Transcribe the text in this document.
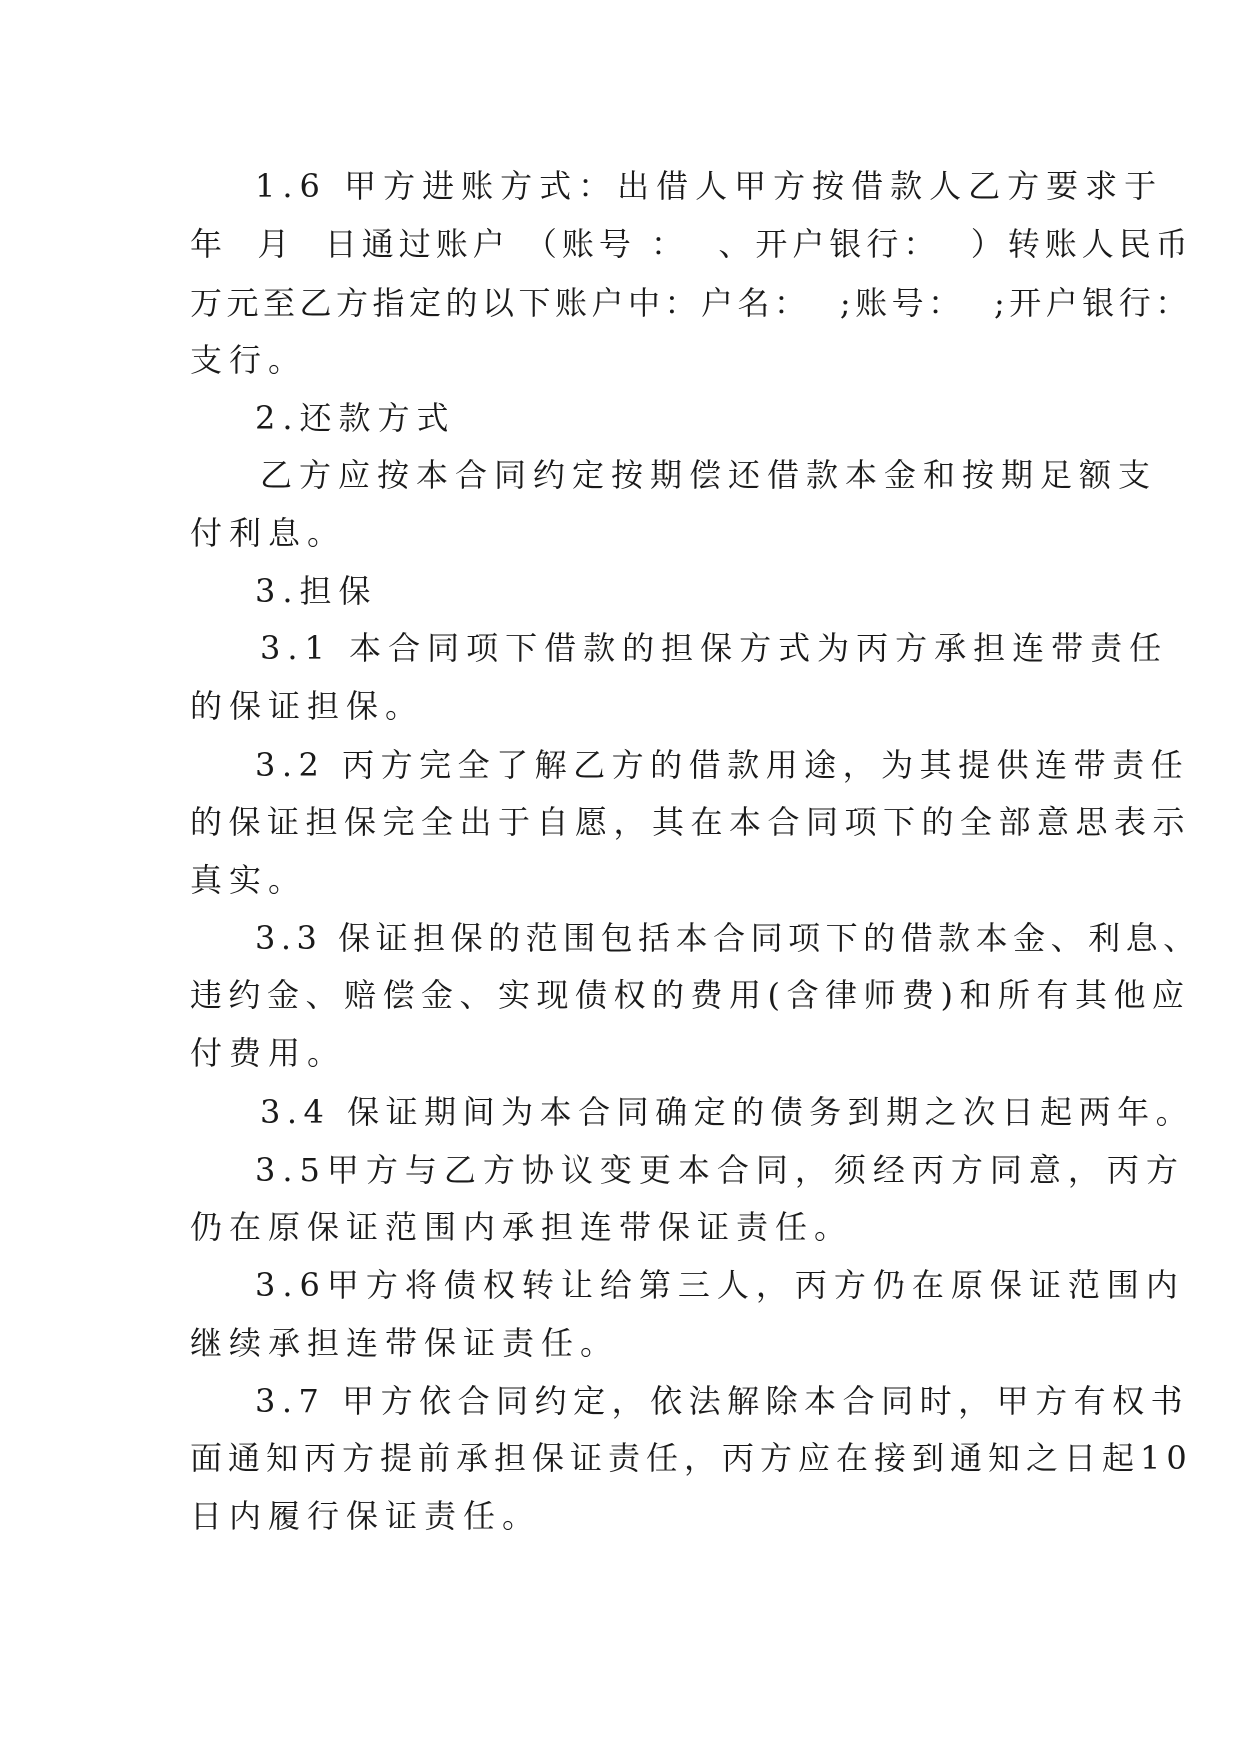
1.6 甲方进账方式：出借人甲方按借款人乙方要求于
年  月  日通过账户 （账号 ：  、开户银行：  ）转账人民币
万元至乙方指定的以下账户中：户名：  ;账号：  ;开户银行：
支行。
2.还款方式
乙方应按本合同约定按期偿还借款本金和按期足额支
付利息。
3.担保
3.1 本合同项下借款的担保方式为丙方承担连带责任
的保证担保。
3.2 丙方完全了解乙方的借款用途，为其提供连带责任
的保证担保完全出于自愿，其在本合同项下的全部意思表示
真实。
3.3 保证担保的范围包括本合同项下的借款本金、利息、
违约金、赔偿金、实现债权的费用(含律师费)和所有其他应
付费用。
3.4 保证期间为本合同确定的债务到期之次日起两年。
3.5甲方与乙方协议变更本合同，须经丙方同意，丙方
仍在原保证范围内承担连带保证责任。
3.6甲方将债权转让给第三人，丙方仍在原保证范围内
继续承担连带保证责任。
3.7 甲方依合同约定，依法解除本合同时，甲方有权书
面通知丙方提前承担保证责任，丙方应在接到通知之日起10
日内履行保证责任。
